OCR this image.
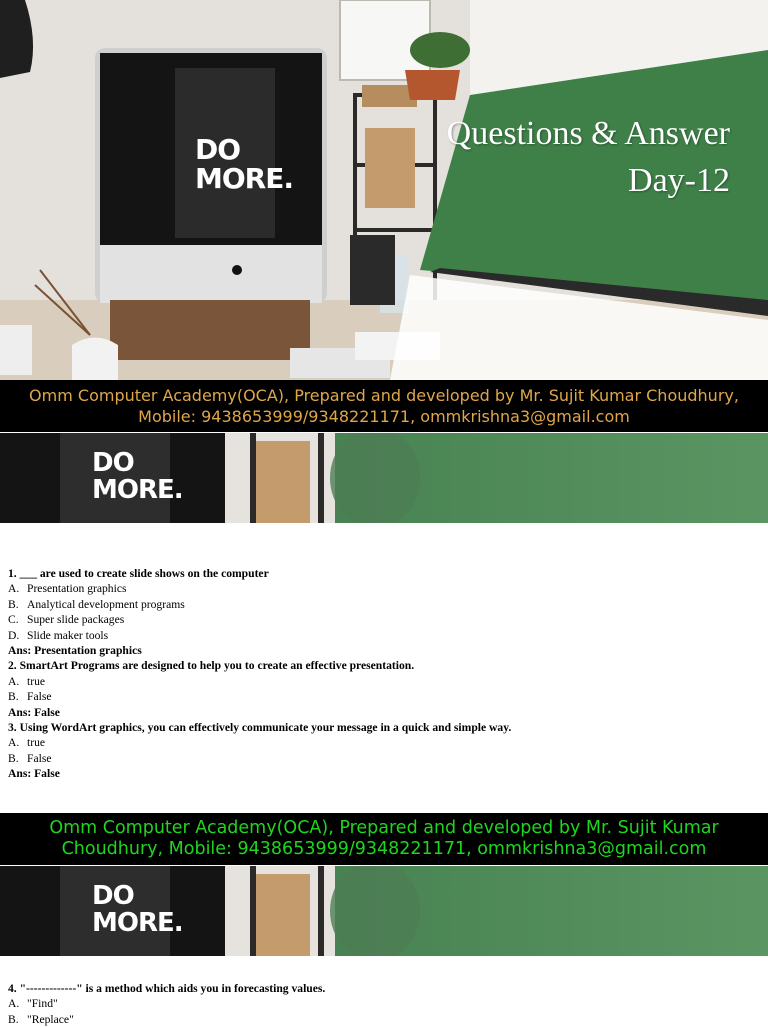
DO
MORE.
Questions & Answer
Day-12
Omm Computer Academy(OCA), Prepared and developed by Mr. Sujit Kumar Choudhury,
Mobile: 9438653999/9348221171, ommkrishna3@gmail.com
DO
MORE.
1. ___ are used to create slide shows on the computer
A. Presentation graphics
B. Analytical development programs
C. Super slide packages
D. Slide maker tools
Ans: Presentation graphics
2. SmartArt Programs are designed to help you to create an effective presentation.
A. true
B. False
Ans: False
3. Using WordArt graphics, you can effectively communicate your message in a quick and simple way.
A. true
B. False
Ans: False
Omm Computer Academy(OCA), Prepared and developed by Mr. Sujit Kumar
Choudhury, Mobile: 9438653999/9348221171, ommkrishna3@gmail.com
DO
MORE.
4. "-------------" is a method which aids you in forecasting values.
A. "Find"
B. "Replace"
